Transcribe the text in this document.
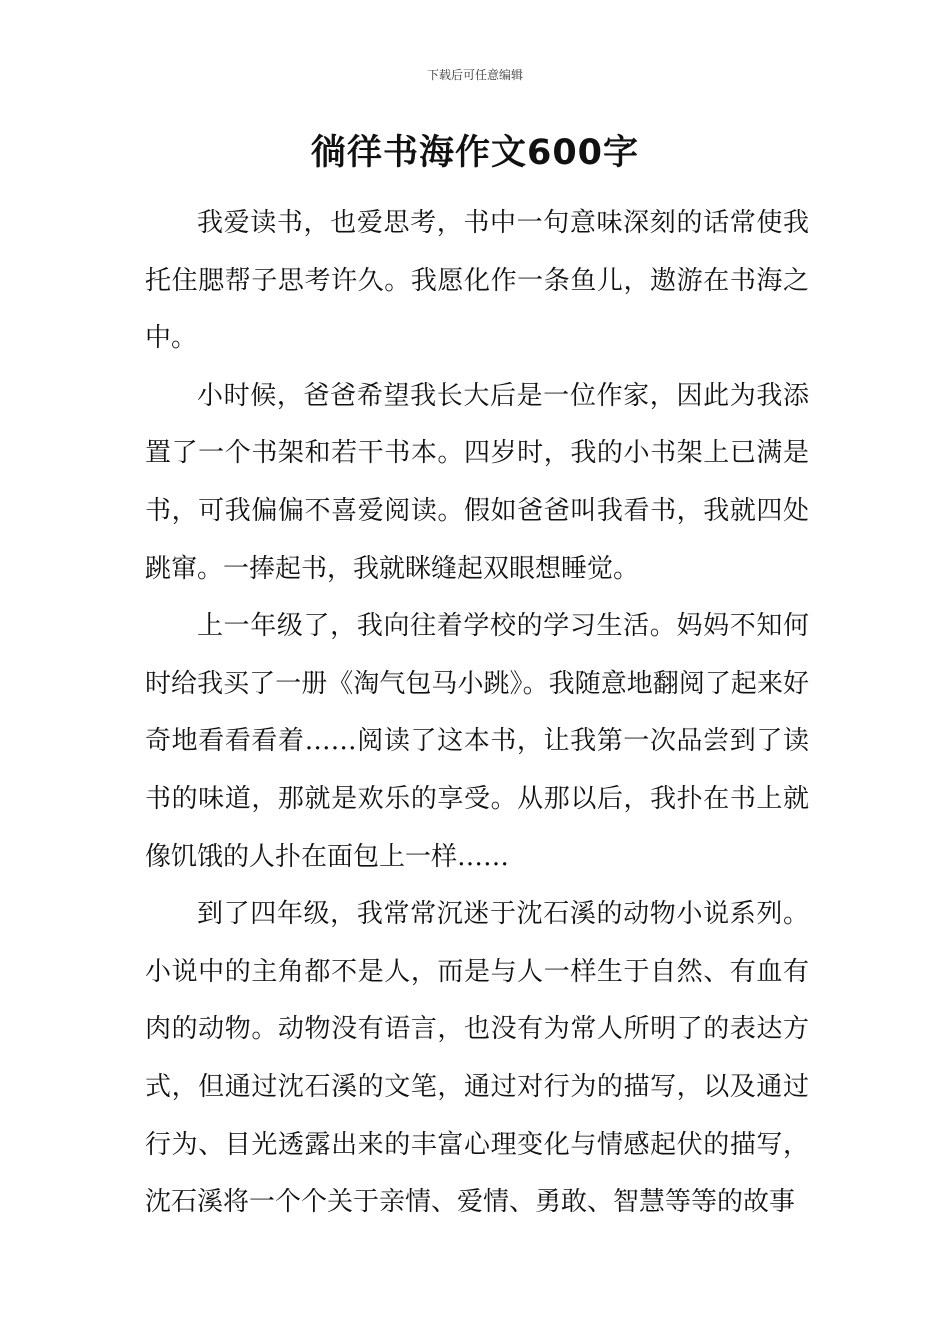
下载后可任意编辑
徜徉书海作文600字

我爱读书，也爱思考，书中一句意味深刻的话常使我托住腮帮子思考许久。我愿化作一条鱼儿，遨游在书海之中。

小时候，爸爸希望我长大后是一位作家，因此为我添置了一个书架和若干书本。四岁时，我的小书架上已满是书，可我偏偏不喜爱阅读。假如爸爸叫我看书，我就四处跳窜。一捧起书，我就眯缝起双眼想睡觉。

上一年级了，我向往着学校的学习生活。妈妈不知何时给我买了一册《淘气包马小跳》。我随意地翻阅了起来好奇地看看看着……阅读了这本书，让我第一次品尝到了读书的味道，那就是欢乐的享受。从那以后，我扑在书上就像饥饿的人扑在面包上一样……

到了四年级，我常常沉迷于沈石溪的动物小说系列。小说中的主角都不是人，而是与人一样生于自然、有血有肉的动物。动物没有语言，也没有为常人所明了的表达方式，但通过沈石溪的文笔，通过对行为的描写，以及通过行为、目光透露出来的丰富心理变化与情感起伏的描写，沈石溪将一个个关于亲情、爱情、勇敢、智慧等等的故事
